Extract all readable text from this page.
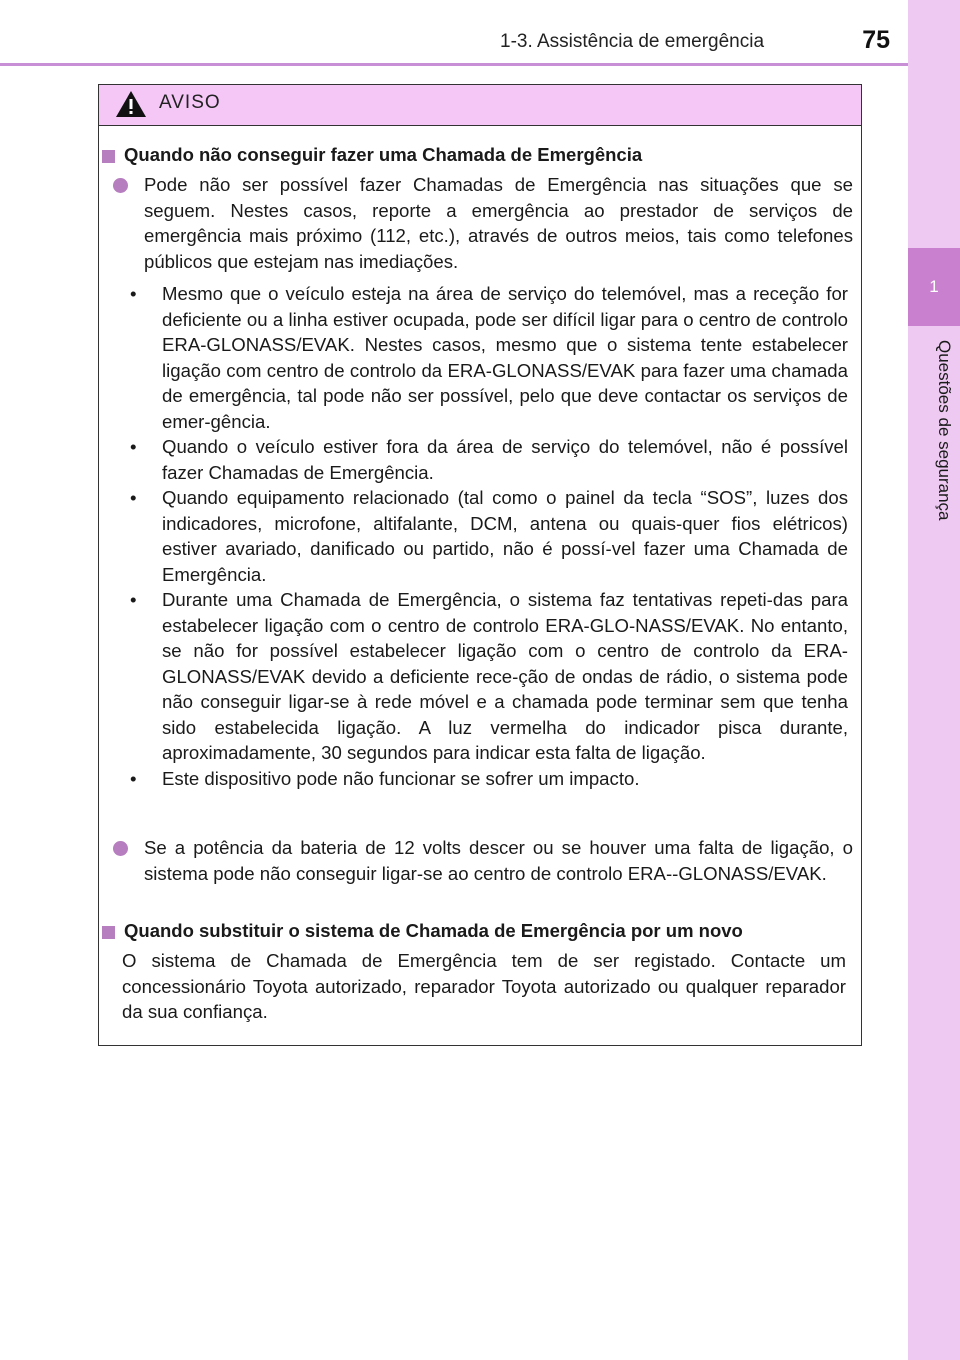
1-3. Assistência de emergência	75
1
Questões de segurança
AVISO
Quando não conseguir fazer uma Chamada de Emergência

Pode não ser possível fazer Chamadas de Emergência nas situações que se seguem. Nestes casos, reporte a emergência ao prestador de serviços de emergência mais próximo (112, etc.), através de outros meios, tais como telefones públicos que estejam nas imediações.

• Mesmo que o veículo esteja na área de serviço do telemóvel, mas a receção for deficiente ou a linha estiver ocupada, pode ser difícil ligar para o centro de controlo ERA-GLONASS/EVAK. Nestes casos, mesmo que o sistema tente estabelecer ligação com centro de controlo da ERA-GLONASS/EVAK para fazer uma chamada de emergência, tal pode não ser possível, pelo que deve contactar os serviços de emer-gência.
• Quando o veículo estiver fora da área de serviço do telemóvel, não é possível fazer Chamadas de Emergência.
• Quando equipamento relacionado (tal como o painel da tecla “SOS”, luzes dos indicadores, microfone, altifalante, DCM, antena ou quais-quer fios elétricos) estiver avariado, danificado ou partido, não é possí-vel fazer uma Chamada de Emergência.
• Durante uma Chamada de Emergência, o sistema faz tentativas repeti-das para estabelecer ligação com o centro de controlo ERA-GLO-NASS/EVAK. No entanto, se não for possível estabelecer ligação com o centro de controlo da ERA-GLONASS/EVAK devido a deficiente rece-ção de ondas de rádio, o sistema pode não conseguir ligar-se à rede móvel e a chamada pode terminar sem que tenha sido estabelecida ligação. A luz vermelha do indicador pisca durante, aproximadamente, 30 segundos para indicar esta falta de ligação.
• Este dispositivo pode não funcionar se sofrer um impacto.

Se a potência da bateria de 12 volts descer ou se houver uma falta de ligação, o sistema pode não conseguir ligar-se ao centro de controlo ERA--GLONASS/EVAK.

Quando substituir o sistema de Chamada de Emergência por um novo

O sistema de Chamada de Emergência tem de ser registado. Contacte um concessionário Toyota autorizado, reparador Toyota autorizado ou qualquer reparador da sua confiança.
